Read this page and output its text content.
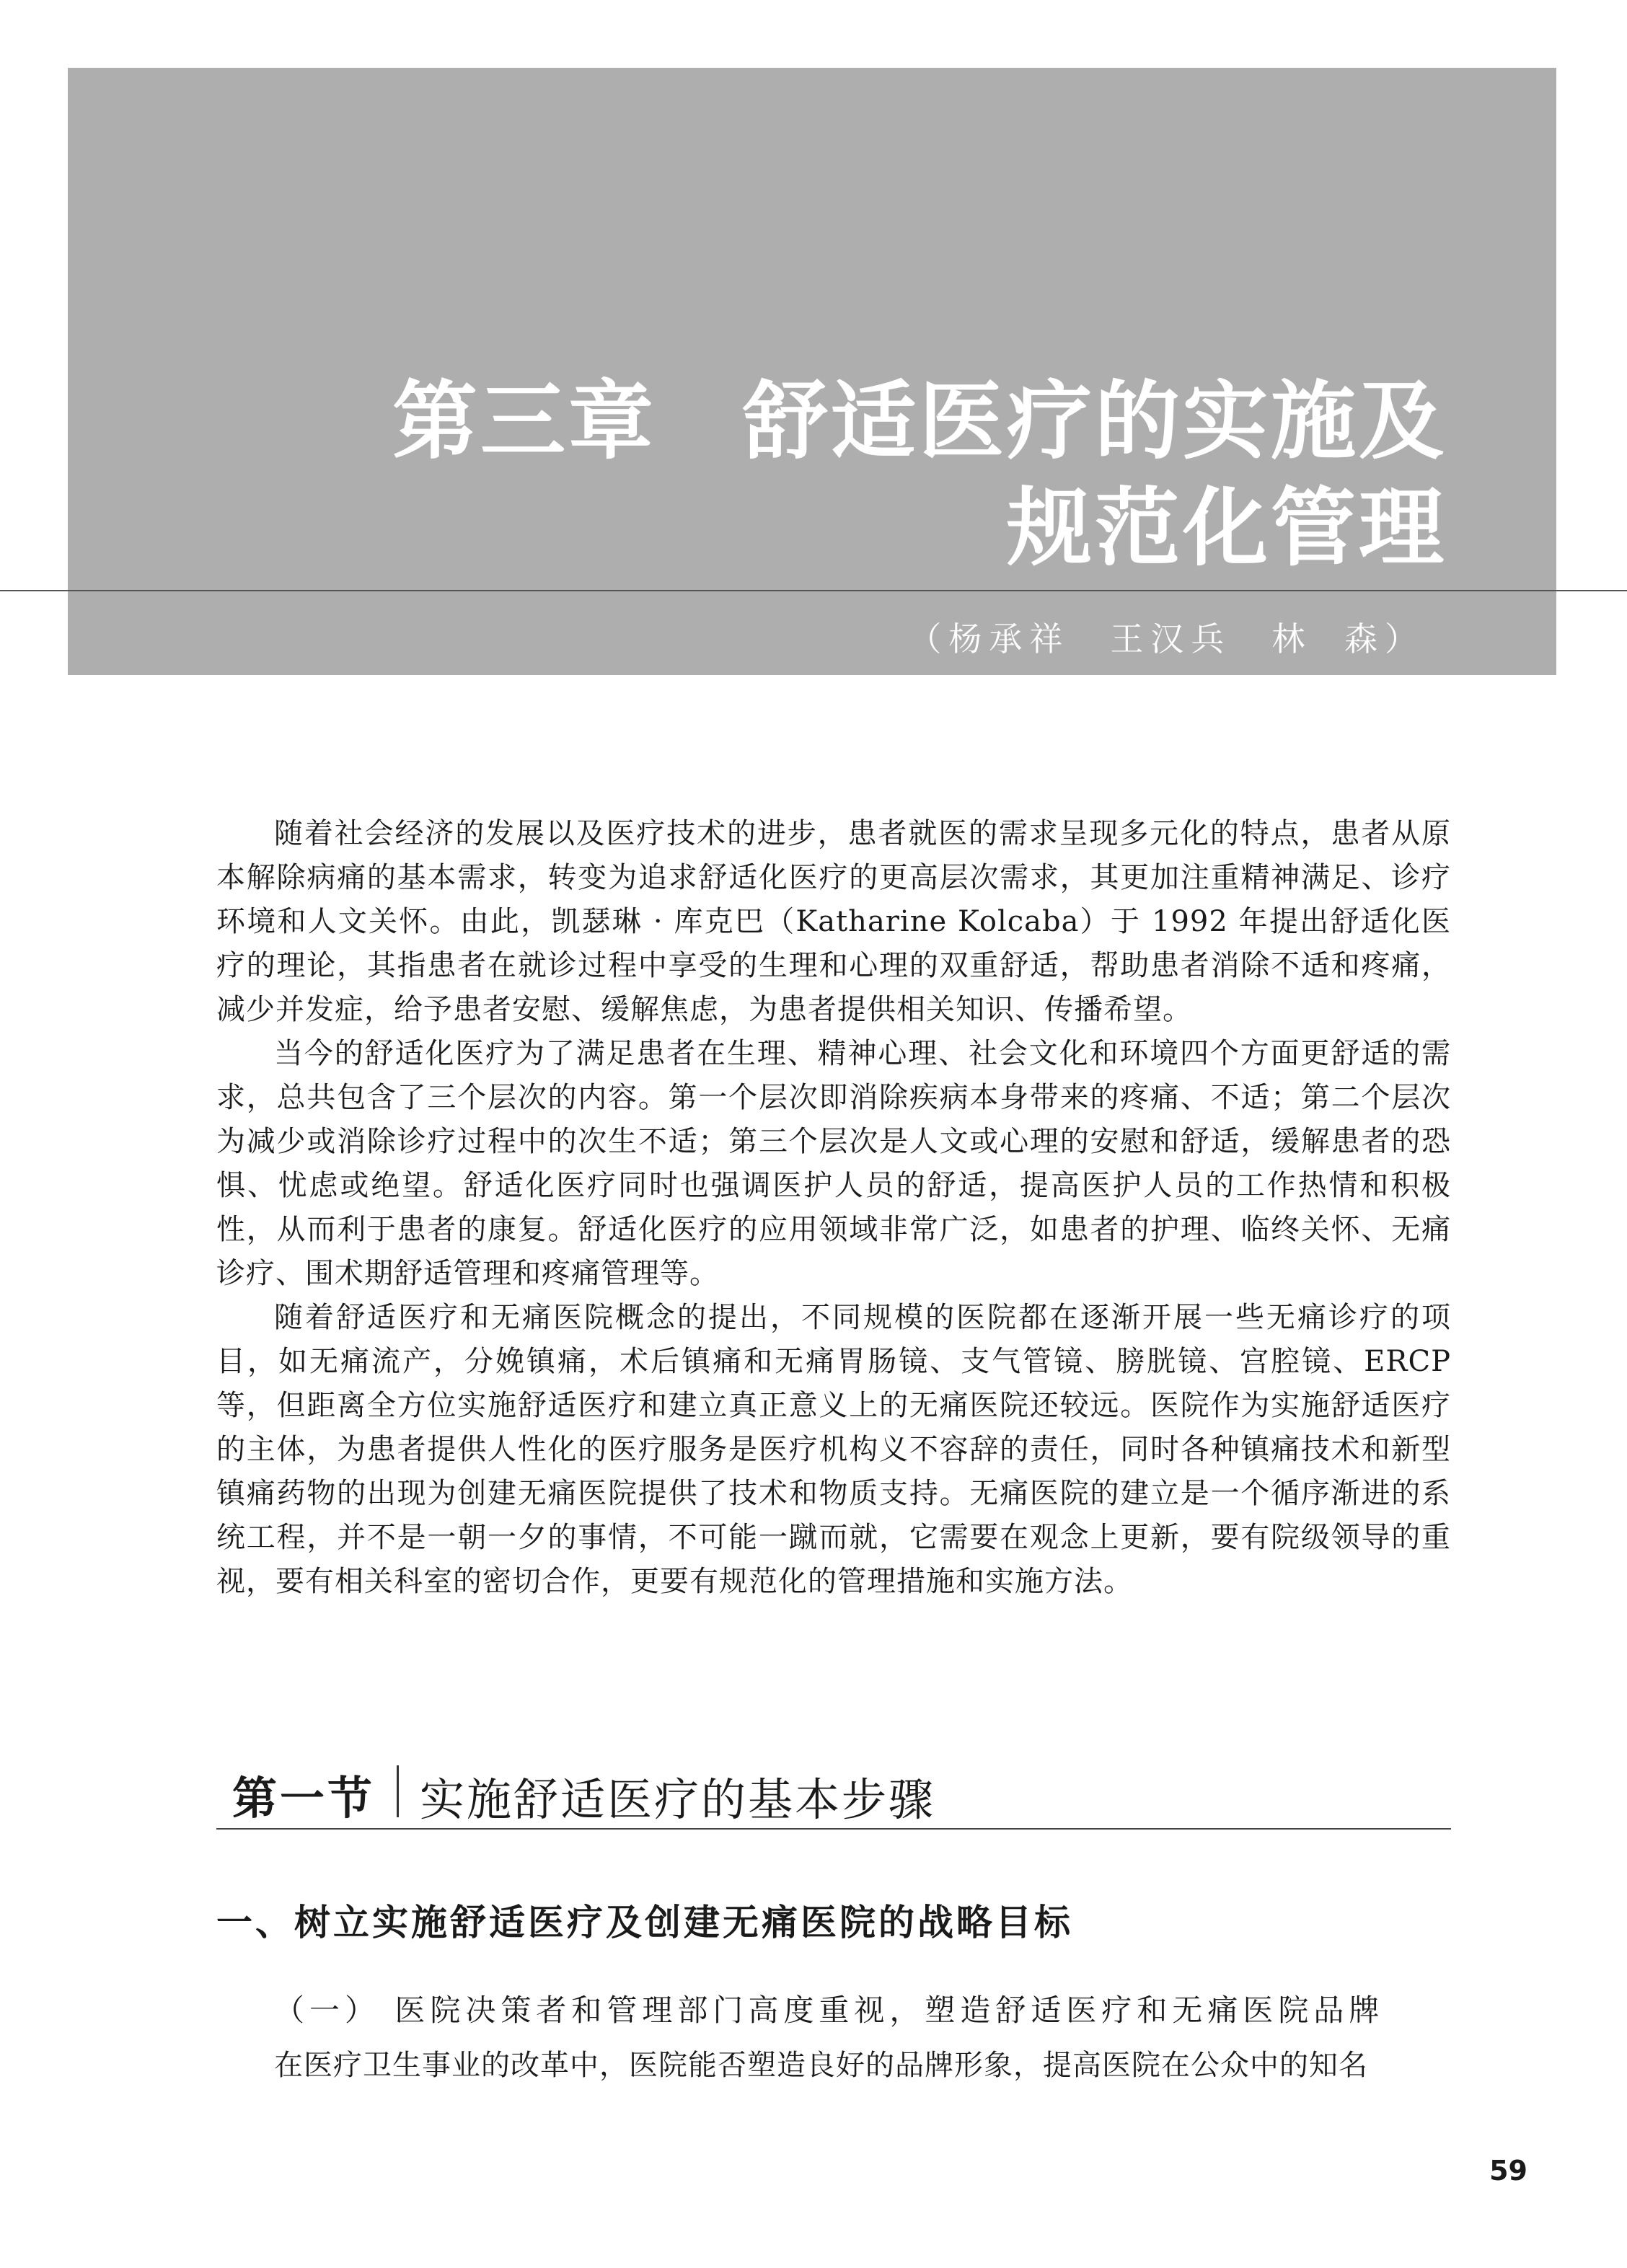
第三章 舒适医疗的实施及
规范化管理
（杨承祥　王汉兵　林 森）

随着社会经济的发展以及医疗技术的进步，患者就医的需求呈现多元化的特点，患者从原本解除病痛的基本需求，转变为追求舒适化医疗的更高层次需求，其更加注重精神满足、诊疗环境和人文关怀。由此，凯瑟琳 · 库克巴（Katharine Kolcaba）于 1992 年提出舒适化医疗的理论，其指患者在就诊过程中享受的生理和心理的双重舒适，帮助患者消除不适和疼痛，减少并发症，给予患者安慰、缓解焦虑，为患者提供相关知识、传播希望。

当今的舒适化医疗为了满足患者在生理、精神心理、社会文化和环境四个方面更舒适的需求，总共包含了三个层次的内容。第一个层次即消除疾病本身带来的疼痛、不适；第二个层次为减少或消除诊疗过程中的次生不适；第三个层次是人文或心理的安慰和舒适，缓解患者的恐惧、忧虑或绝望。舒适化医疗同时也强调医护人员的舒适，提高医护人员的工作热情和积极性，从而利于患者的康复。舒适化医疗的应用领域非常广泛，如患者的护理、临终关怀、无痛诊疗、围术期舒适管理和疼痛管理等。

随着舒适医疗和无痛医院概念的提出，不同规模的医院都在逐渐开展一些无痛诊疗的项目，如无痛流产，分娩镇痛，术后镇痛和无痛胃肠镜、支气管镜、膀胱镜、宫腔镜、ERCP 等，但距离全方位实施舒适医疗和建立真正意义上的无痛医院还较远。医院作为实施舒适医疗的主体，为患者提供人性化的医疗服务是医疗机构义不容辞的责任，同时各种镇痛技术和新型镇痛药物的出现为创建无痛医院提供了技术和物质支持。无痛医院的建立是一个循序渐进的系统工程，并不是一朝一夕的事情，不可能一蹴而就，它需要在观念上更新，要有院级领导的重视，要有相关科室的密切合作，更要有规范化的管理措施和实施方法。

第一节 实施舒适医疗的基本步骤
一、树立实施舒适医疗及创建无痛医院的战略目标
（一） 医院决策者和管理部门高度重视，塑造舒适医疗和无痛医院品牌
在医疗卫生事业的改革中，医院能否塑造良好的品牌形象，提高医院在公众中的知名
59
